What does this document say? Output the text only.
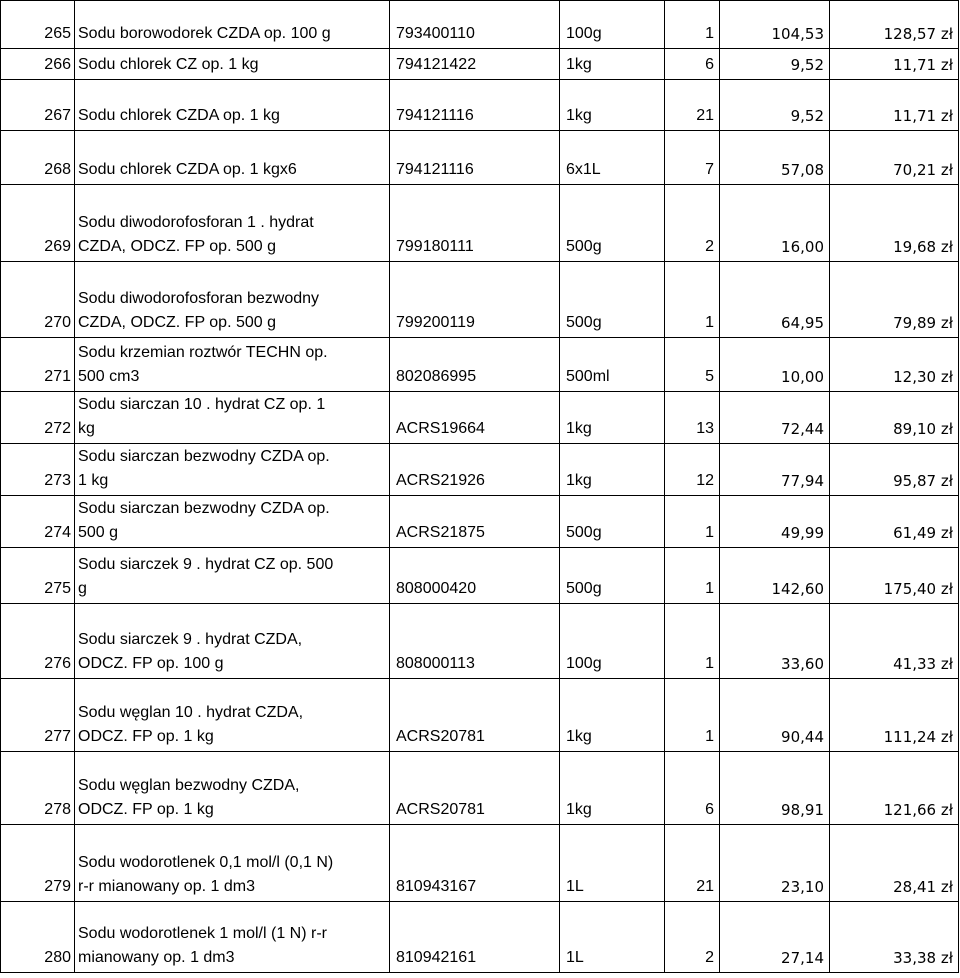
265	Sodu borowodorek CZDA op. 100 g	793400110	100g	1	104,53	128,57 zł
266	Sodu chlorek CZ op. 1 kg	794121422	1kg	6	9,52	11,71 zł
267	Sodu chlorek CZDA op. 1 kg	794121116	1kg	21	9,52	11,71 zł
268	Sodu chlorek CZDA op. 1 kgx6	794121116	6x1L	7	57,08	70,21 zł
269	Sodu diwodorofosforan 1 . hydrat
CZDA, ODCZ. FP op. 500 g	799180111	500g	2	16,00	19,68 zł
270	Sodu diwodorofosforan bezwodny
CZDA, ODCZ. FP op. 500 g	799200119	500g	1	64,95	79,89 zł
271	Sodu krzemian roztwór TECHN op.
500 cm3	802086995	500ml	5	10,00	12,30 zł
272	Sodu siarczan 10 . hydrat CZ op. 1
kg	ACRS19664	1kg	13	72,44	89,10 zł
273	Sodu siarczan bezwodny CZDA op.
1 kg	ACRS21926	1kg	12	77,94	95,87 zł
274	Sodu siarczan bezwodny CZDA op.
500 g	ACRS21875	500g	1	49,99	61,49 zł
275	Sodu siarczek 9 . hydrat CZ op. 500
g	808000420	500g	1	142,60	175,40 zł
276	Sodu siarczek 9 . hydrat CZDA,
ODCZ. FP op. 100 g	808000113	100g	1	33,60	41,33 zł
277	Sodu węglan 10 . hydrat CZDA,
ODCZ. FP op. 1 kg	ACRS20781	1kg	1	90,44	111,24 zł
278	Sodu węglan bezwodny CZDA,
ODCZ. FP op. 1 kg	ACRS20781	1kg	6	98,91	121,66 zł
279	Sodu wodorotlenek 0,1 mol/l (0,1 N)
r-r mianowany op. 1 dm3	810943167	1L	21	23,10	28,41 zł
280	Sodu wodorotlenek 1 mol/l (1 N) r-r
mianowany op. 1 dm3	810942161	1L	2	27,14	33,38 zł
